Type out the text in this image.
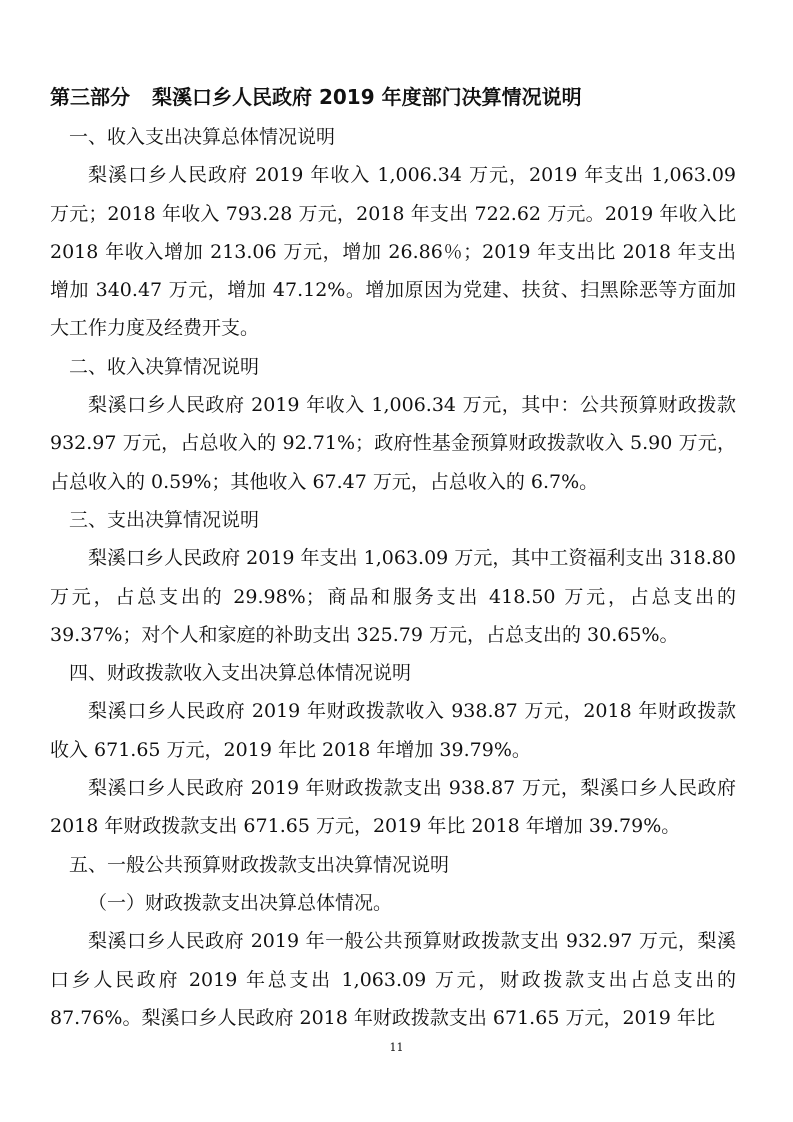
第三部分 梨溪口乡人民政府 2019 年度部门决算情况说明

一、收入支出决算总体情况说明

梨溪口乡人民政府 2019 年收入 1,006.34 万元，2019 年支出 1,063.09 万元；2018 年收入 793.28 万元，2018 年支出 722.62 万元。2019 年收入比 2018 年收入增加 213.06 万元，增加 26.86％；2019 年支出比 2018 年支出增加 340.47 万元，增加 47.12%。增加原因为党建、扶贫、扫黑除恶等方面加大工作力度及经费开支。

二、收入决算情况说明

梨溪口乡人民政府 2019 年收入 1,006.34 万元，其中：公共预算财政拨款 932.97 万元，占总收入的 92.71%；政府性基金预算财政拨款收入 5.90 万元，占总收入的 0.59%；其他收入 67.47 万元，占总收入的 6.7%。

三、支出决算情况说明

梨溪口乡人民政府 2019 年支出 1,063.09 万元，其中工资福利支出 318.80 万元，占总支出的 29.98%；商品和服务支出 418.50 万元，占总支出的 39.37%；对个人和家庭的补助支出 325.79 万元，占总支出的 30.65%。

四、财政拨款收入支出决算总体情况说明

梨溪口乡人民政府 2019 年财政拨款收入 938.87 万元，2018 年财政拨款收入 671.65 万元，2019 年比 2018 年增加 39.79%。

梨溪口乡人民政府 2019 年财政拨款支出 938.87 万元，梨溪口乡人民政府 2018 年财政拨款支出 671.65 万元，2019 年比 2018 年增加 39.79%。

五、一般公共预算财政拨款支出决算情况说明

（一）财政拨款支出决算总体情况。

梨溪口乡人民政府 2019 年一般公共预算财政拨款支出 932.97 万元，梨溪口乡人民政府 2019 年总支出 1,063.09 万元，财政拨款支出占总支出的 87.76%。梨溪口乡人民政府 2018 年财政拨款支出 671.65 万元，2019 年比

11
